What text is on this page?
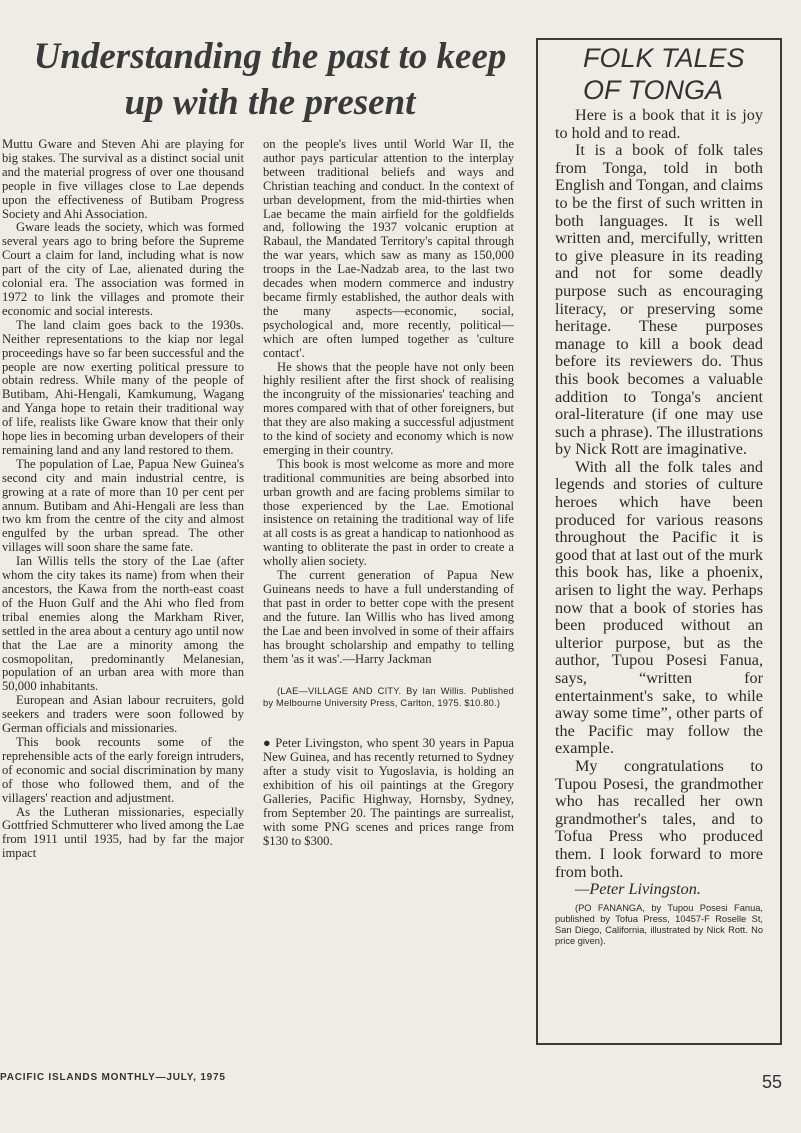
Understanding the past to keep up with the present

Muttu Gware and Steven Ahi are playing for big stakes. The survival as a distinct social unit and the material progress of over one thousand people in five villages close to Lae depends upon the effectiveness of Butibam Progress Society and Ahi Association.

Gware leads the society, which was formed several years ago to bring before the Supreme Court a claim for land, including what is now part of the city of Lae, alienated during the colonial era. The association was formed in 1972 to link the villages and promote their economic and social interests.

The land claim goes back to the 1930s. Neither representations to the kiap nor legal proceedings have so far been successful and the people are now exerting political pressure to obtain redress. While many of the people of Butibam, Ahi-Hengali, Kamkumung, Wagang and Yanga hope to retain their traditional way of life, realists like Gware know that their only hope lies in becoming urban developers of their remaining land and any land restored to them.

The population of Lae, Papua New Guinea's second city and main industrial centre, is growing at a rate of more than 10 per cent per annum. Butibam and Ahi-Hengali are less than two km from the centre of the city and almost engulfed by the urban spread. The other villages will soon share the same fate.

Ian Willis tells the story of the Lae (after whom the city takes its name) from when their ancestors, the Kawa from the north-east coast of the Huon Gulf and the Ahi who fled from tribal enemies along the Markham River, settled in the area about a century ago until now that the Lae are a minority among the cosmopolitan, predominantly Melanesian, population of an urban area with more than 50,000 inhabitants.

European and Asian labour recruiters, gold seekers and traders were soon followed by German officials and missionaries.

This book recounts some of the reprehensible acts of the early foreign intruders, of economic and social discrimination by many of those who followed them, and of the villagers' reaction and adjustment.

As the Lutheran missionaries, especially Gottfried Schmutterer who lived among the Lae from 1911 until 1935, had by far the major impact

on the people's lives until World War II, the author pays particular attention to the interplay between traditional beliefs and ways and Christian teaching and conduct. In the context of urban development, from the mid-thirties when Lae became the main airfield for the goldfields and, following the 1937 volcanic eruption at Rabaul, the Mandated Territory's capital through the war years, which saw as many as 150,000 troops in the Lae-Nadzab area, to the last two decades when modern commerce and industry became firmly established, the author deals with the many aspects—economic, social, psychological and, more recently, political—which are often lumped together as 'culture contact'.

He shows that the people have not only been highly resilient after the first shock of realising the incongruity of the missionaries' teaching and mores compared with that of other foreigners, but that they are also making a successful adjustment to the kind of society and economy which is now emerging in their country.

This book is most welcome as more and more traditional communities are being absorbed into urban growth and are facing problems similar to those experienced by the Lae. Emotional insistence on retaining the traditional way of life at all costs is as great a handicap to nationhood as wanting to obliterate the past in order to create a wholly alien society.

The current generation of Papua New Guineans needs to have a full understanding of that past in order to better cope with the present and the future. Ian Willis who has lived among the Lae and been involved in some of their affairs has brought scholarship and empathy to telling them 'as it was'.—Harry Jackman

(LAE—VILLAGE AND CITY. By Ian Willis. Published by Melbourne University Press, Carlton, 1975. $10.80.)

● Peter Livingston, who spent 30 years in Papua New Guinea, and has recently returned to Sydney after a study visit to Yugoslavia, is holding an exhibition of his oil paintings at the Gregory Galleries, Pacific Highway, Hornsby, Sydney, from September 20. The paintings are surrealist, with some PNG scenes and prices range from $130 to $300.

FOLK TALES OF TONGA

Here is a book that it is joy to hold and to read.

It is a book of folk tales from Tonga, told in both English and Tongan, and claims to be the first of such written in both languages. It is well written and, mercifully, written to give pleasure in its reading and not for some deadly purpose such as encouraging literacy, or preserving some heritage. These purposes manage to kill a book dead before its reviewers do. Thus this book becomes a valuable addition to Tonga's ancient oral-literature (if one may use such a phrase). The illustrations by Nick Rott are imaginative.

With all the folk tales and legends and stories of culture heroes which have been produced for various reasons throughout the Pacific it is good that at last out of the murk this book has, like a phoenix, arisen to light the way. Perhaps now that a book of stories has been produced without an ulterior purpose, but as the author, Tupou Posesi Fanua, says, “written for entertainment's sake, to while away some time”, other parts of the Pacific may follow the example.

My congratulations to Tupou Posesi, the grandmother who has recalled her own grandmother's tales, and to Tofua Press who produced them. I look forward to more from both.

—Peter Livingston.

(PO FANANGA, by Tupou Posesi Fanua, published by Tofua Press, 10457-F Roselle St, San Diego, California, illustrated by Nick Rott. No price given).

PACIFIC ISLANDS MONTHLY—JULY, 1975	55
